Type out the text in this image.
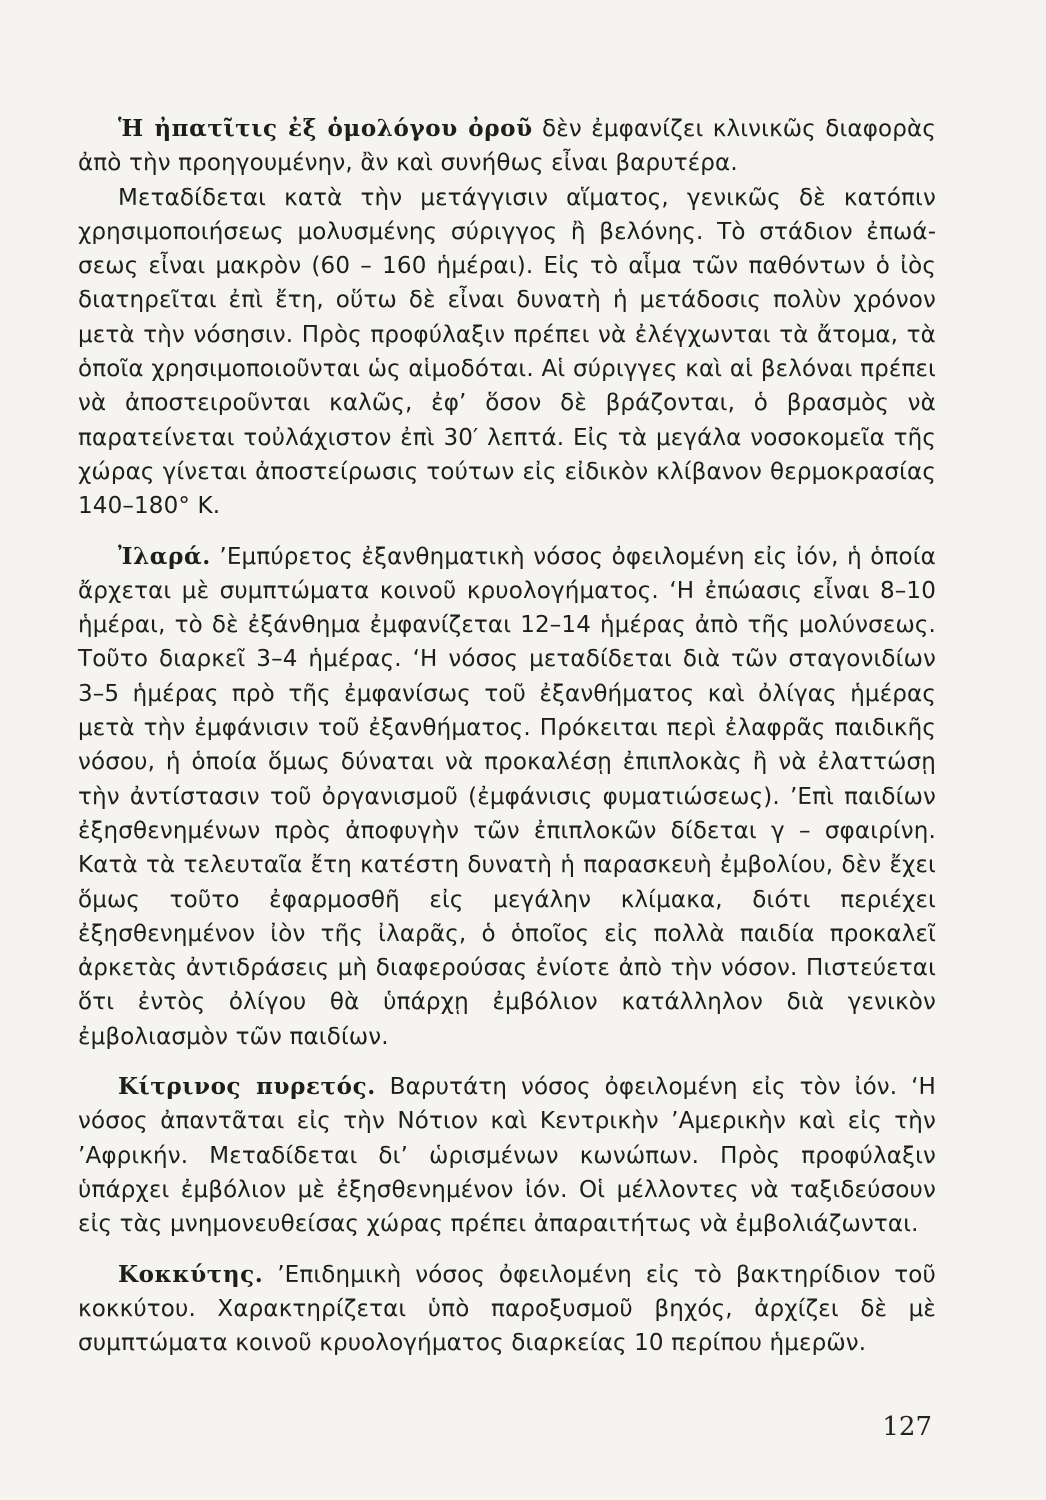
Ἡ ἠπατῖτις ἐξ ὁμολόγου ὀροῦ δὲν ἐμφανίζει κλινικῶς διαφορὰς ἀπὸ τὴν προηγουμένην, ἂν καὶ συνήθως εἶναι βαρυτέρα.

Μεταδίδεται κατὰ τὴν μετάγγισιν αἵματος, γενικῶς δὲ κατόπιν χρησιμοποιήσεως μολυσμένης σύριγγος ἢ βελόνης. Τὸ στάδιον ἐπωάσεως εἶναι μακρὸν (60 – 160 ἡμέραι). Εἰς τὸ αἷμα τῶν παθόντων ὁ ἰὸς διατηρεῖται ἐπὶ ἔτη, οὕτω δὲ εἶναι δυνατὴ ἡ μετάδοσις πολὺν χρόνον μετὰ τὴν νόσησιν. Πρὸς προφύλαξιν πρέπει νὰ ἐλέγχωνται τὰ ἄτομα, τὰ ὁποῖα χρησιμοποιοῦνται ὡς αἱμοδόται. Αἱ σύριγγες καὶ αἱ βελόναι πρέπει νὰ ἀποστειροῦνται καλῶς, ἐφ’ ὅσον δὲ βράζονται, ὁ βρασμὸς νὰ παρατείνεται τοὐλάχιστον ἐπὶ 30′ λεπτά. Εἰς τὰ μεγάλα νοσοκομεῖα τῆς χώρας γίνεται ἀποστείρωσις τούτων εἰς εἰδικὸν κλίβανον θερμοκρασίας 140–180° K.

Ἰλαρά. ’Εμπύρετος ἐξανθηματικὴ νόσος ὀφειλομένη εἰς ἰόν, ἡ ὁποία ἄρχεται μὲ συμπτώματα κοινοῦ κρυολογήματος. ‘Η ἐπώασις εἶναι 8–10 ἡμέραι, τὸ δὲ ἐξάνθημα ἐμφανίζεται 12–14 ἡμέρας ἀπὸ τῆς μολύνσεως. Τοῦτο διαρκεῖ 3–4 ἡμέρας. ‘Η νόσος μεταδίδεται διὰ τῶν σταγονιδίων 3–5 ἡμέρας πρὸ τῆς ἐμφανίσως τοῦ ἐξανθήματος καὶ ὀλίγας ἡμέρας μετὰ τὴν ἐμφάνισιν τοῦ ἐξανθήματος. Πρόκειται περὶ ἐλαφρᾶς παιδικῆς νόσου, ἡ ὁποία ὅμως δύναται νὰ προκαλέσῃ ἐπιπλοκὰς ἢ νὰ ἐλαττώσῃ τὴν ἀντίστασιν τοῦ ὀργανισμοῦ (ἐμφάνισις φυματιώσεως). ’Επὶ παιδίων ἐξησθενημένων πρὸς ἀποφυγὴν τῶν ἐπιπλοκῶν δίδεται γ – σφαιρίνη. Κατὰ τὰ τελευταῖα ἔτη κατέστη δυνατὴ ἡ παρασκευὴ ἐμβολίου, δὲν ἔχει ὅμως τοῦτο ἐφαρμοσθῆ εἰς μεγάλην κλίμακα, διότι περιέχει ἐξησθενημένον ἰὸν τῆς ἰλαρᾶς, ὁ ὁποῖος εἰς πολλὰ παιδία προκαλεῖ ἀρκετὰς ἀντιδράσεις μὴ διαφερούσας ἐνίοτε ἀπὸ τὴν νόσον. Πιστεύεται ὅτι ἐντὸς ὀλίγου θὰ ὑπάρχῃ ἐμβόλιον κατάλληλον διὰ γενικὸν ἐμβολιασμὸν τῶν παιδίων.

Κίτρινος πυρετός. Βαρυτάτη νόσος ὀφειλομένη εἰς τὸν ἰόν. ‘Η νόσος ἀπαντᾶται εἰς τὴν Νότιον καὶ Κεντρικὴν ’Αμερικὴν καὶ εἰς τὴν ’Αφρικήν. Μεταδίδεται δι’ ὡρισμένων κωνώπων. Πρὸς προφύλαξιν ὑπάρχει ἐμβόλιον μὲ ἐξησθενημένον ἰόν. Οἱ μέλλοντες νὰ ταξιδεύσουν εἰς τὰς μνημονευθείσας χώρας πρέπει ἀπαραιτήτως νὰ ἐμβολιάζωνται.

Κοκκύτης. ’Επιδημικὴ νόσος ὀφειλομένη εἰς τὸ βακτηρίδιον τοῦ κοκκύτου. Χαρακτηρίζεται ὑπὸ παροξυσμοῦ βηχός, ἀρχίζει δὲ μὲ συμπτώματα κοινοῦ κρυολογήματος διαρκείας 10 περίπου ἡμερῶν.

127
